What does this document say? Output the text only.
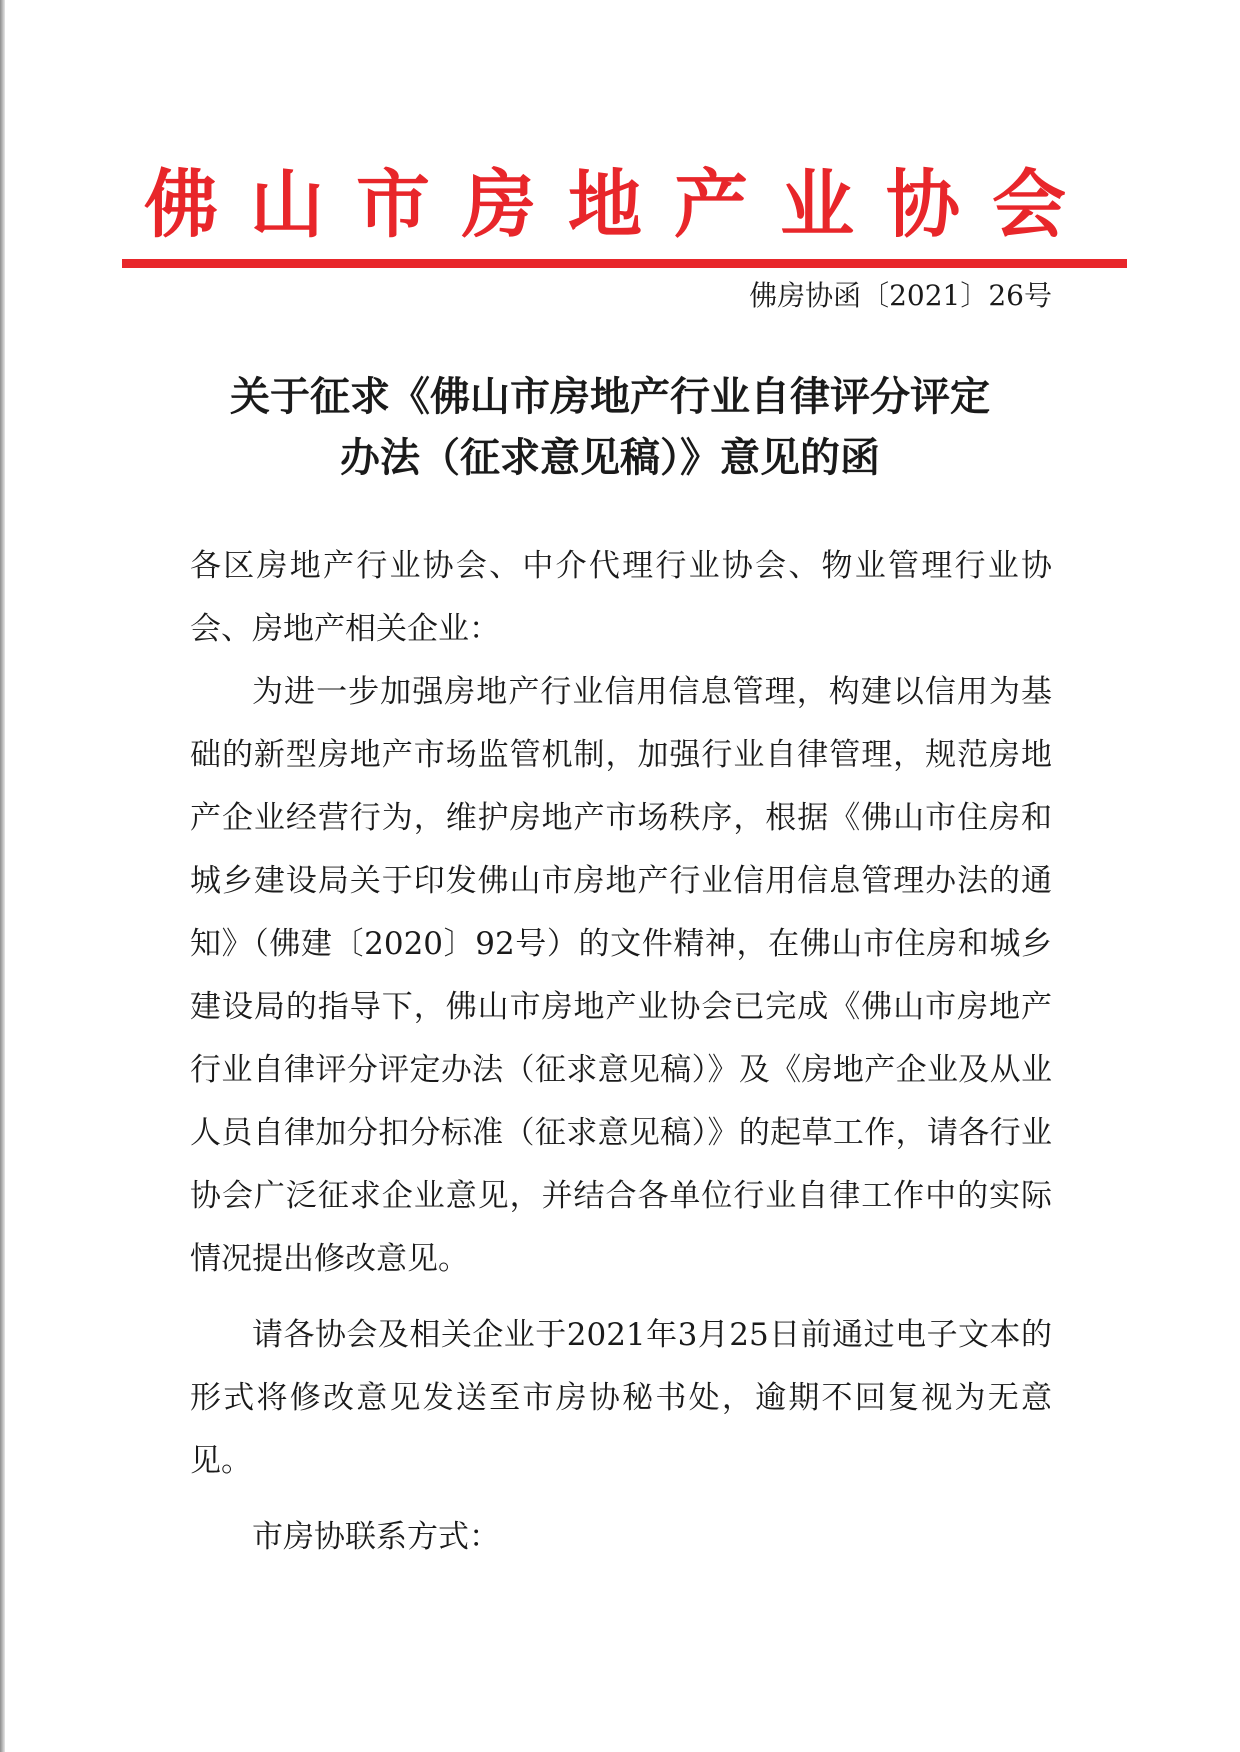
佛山市房地产业协会
佛房协函〔2021〕26号
关于征求《佛山市房地产行业自律评分评定
办法（征求意见稿）》意见的函

各区房地产行业协会、中介代理行业协会、物业管理行业协会、房地产相关企业：

为进一步加强房地产行业信用信息管理，构建以信用为基础的新型房地产市场监管机制，加强行业自律管理，规范房地产企业经营行为，维护房地产市场秩序，根据《佛山市住房和城乡建设局关于印发佛山市房地产行业信用信息管理办法的通知》（佛建〔2020〕92号）的文件精神，在佛山市住房和城乡建设局的指导下，佛山市房地产业协会已完成《佛山市房地产行业自律评分评定办法（征求意见稿）》及《房地产企业及从业人员自律加分扣分标准（征求意见稿）》的起草工作，请各行业协会广泛征求企业意见，并结合各单位行业自律工作中的实际情况提出修改意见。

请各协会及相关企业于2021年3月25日前通过电子文本的形式将修改意见发送至市房协秘书处，逾期不回复视为无意见。

市房协联系方式：
